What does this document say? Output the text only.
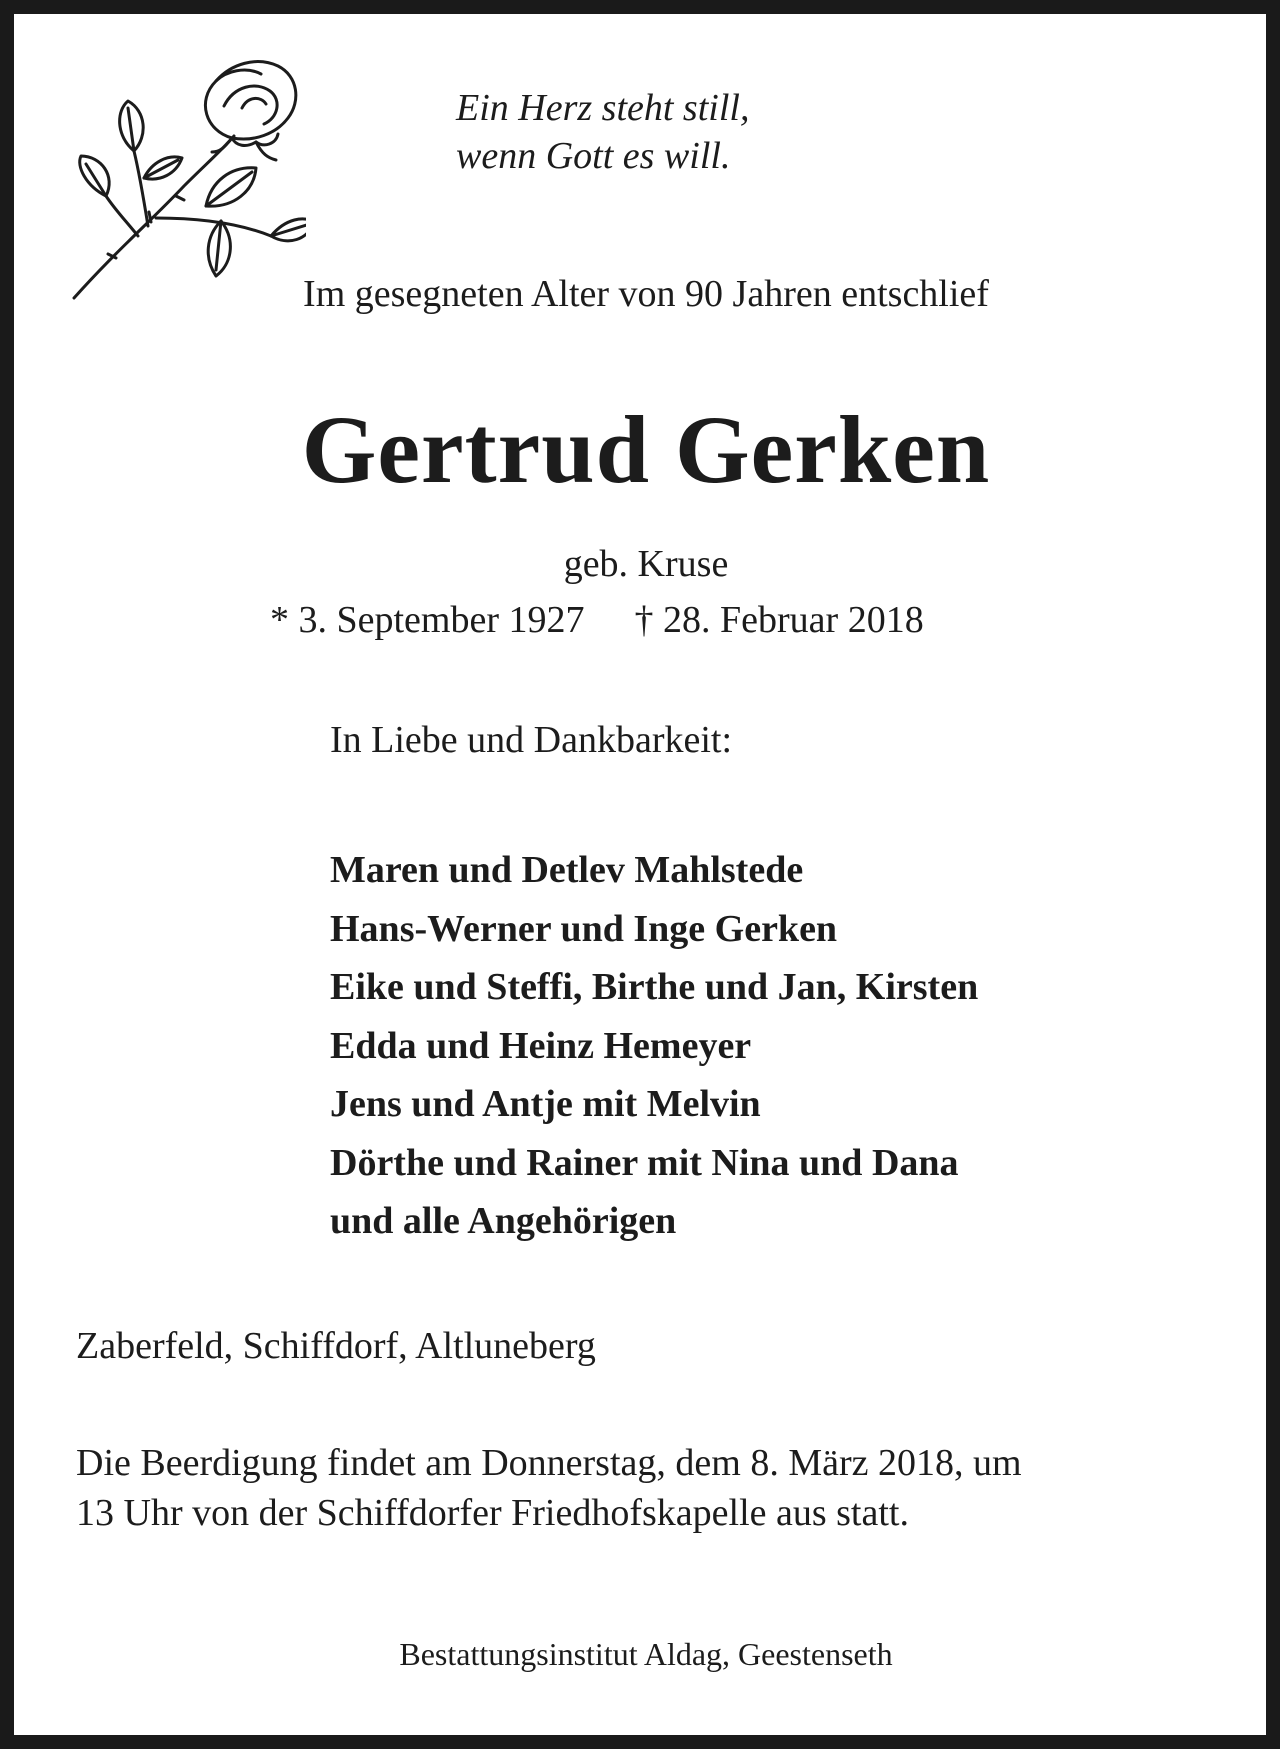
Ein Herz steht still,
wenn Gott es will.
Im gesegneten Alter von 90 Jahren entschlief
Gertrud Gerken
geb. Kruse
* 3. September 1927 † 28. Februar 2018
In Liebe und Dankbarkeit:
Maren und Detlev Mahlstede
Hans-Werner und Inge Gerken
Eike und Steffi, Birthe und Jan, Kirsten
Edda und Heinz Hemeyer
Jens und Antje mit Melvin
Dörthe und Rainer mit Nina und Dana
und alle Angehörigen
Zaberfeld, Schiffdorf, Altluneberg
Die Beerdigung findet am Donnerstag, dem 8. März 2018, um
13 Uhr von der Schiffdorfer Friedhofskapelle aus statt.
Bestattungsinstitut Aldag, Geestenseth
